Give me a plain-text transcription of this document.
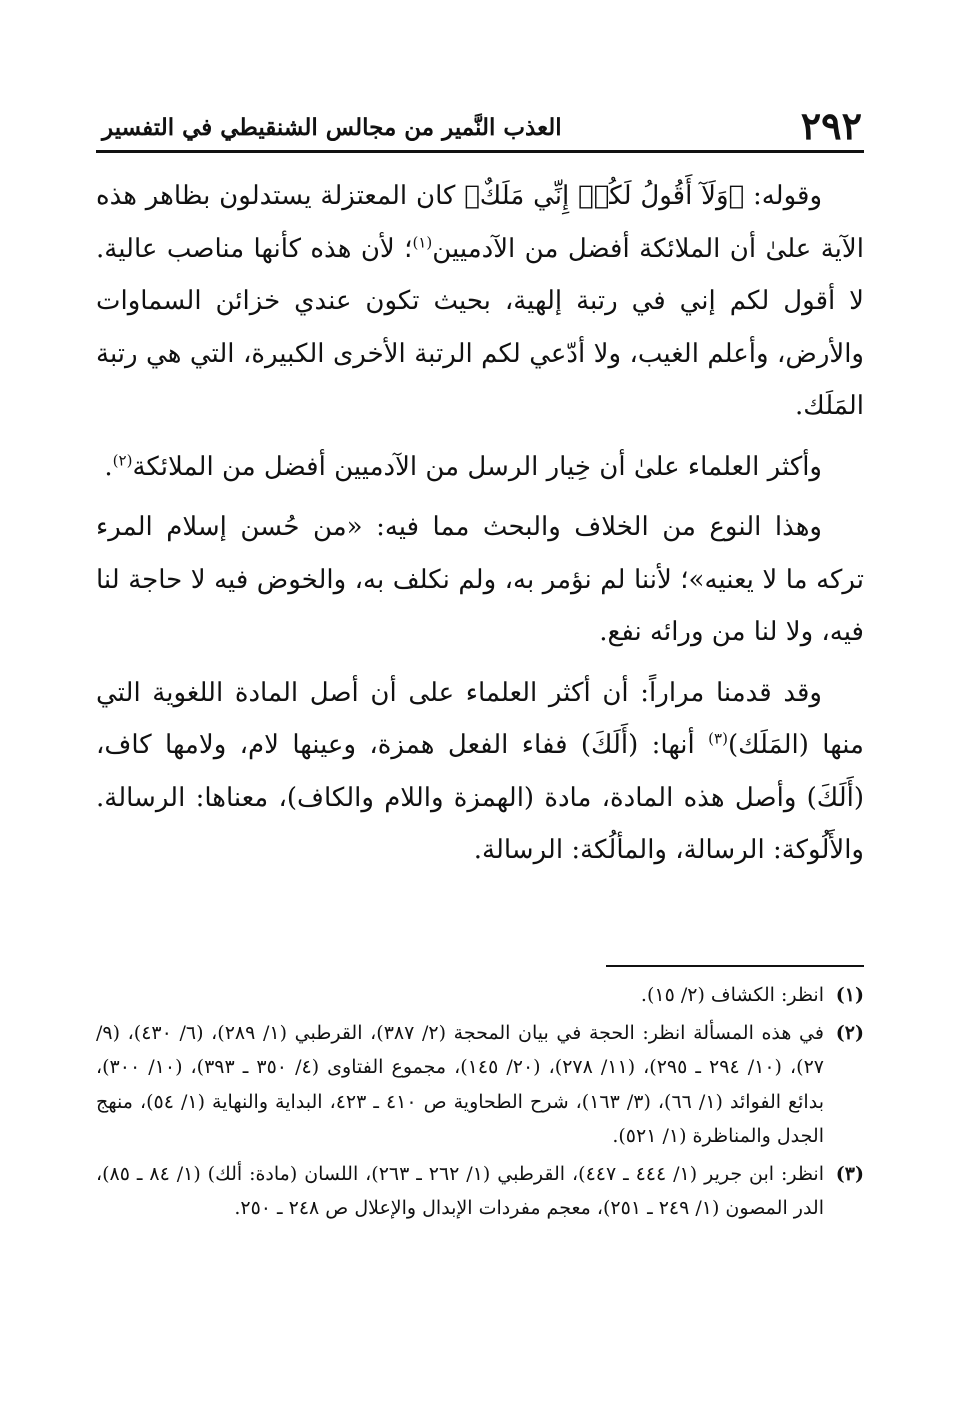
٢٩٢
العذب النَّمير من مجالس الشنقيطي في التفسير

وقوله: ﴿وَلَآ أَقُولُ لَكُمۡ إِنِّي مَلَكٌ﴾ كان المعتزلة يستدلون بظاهر هذه الآية علىٰ أن الملائكة أفضل من الآدميين$^{(١)}$؛ لأن هذه كأنها مناصب عالية. لا أقول لكم إني في رتبة إلهية، بحيث تكون عندي خزائن السماوات والأرض، وأعلم الغيب، ولا أدّعي لكم الرتبة الأخرى الكبيرة، التي هي رتبة المَلَك.

وأكثر العلماء علىٰ أن خِيار الرسل من الآدميين أفضل من الملائكة$^{(٢)}$.

وهذا النوع من الخلاف والبحث مما فيه: «من حُسن إسلام المرء تركه ما لا يعنيه»؛ لأننا لم نؤمر به، ولم نكلف به، والخوض فيه لا حاجة لنا فيه، ولا لنا من ورائه نفع.

وقد قدمنا مراراً: أن أكثر العلماء على أن أصل المادة اللغوية التي منها (المَلَك)$^{(٣)}$ أنها: (أَلَكَ) ففاء الفعل همزة، وعينها لام، ولامها كاف، (أَلَكَ) وأصل هذه المادة، مادة (الهمزة واللام والكاف)، معناها: الرسالة. والأَلُوكة: الرسالة، والمألُكة: الرسالة.

(١)
انظر: الكشاف (٢/ ١٥).
(٢)
في هذه المسألة انظر: الحجة في بيان المحجة (٢/ ٣٨٧)، القرطبي (١/ ٢٨٩)، (٦/ ٤٣٠)، (٩/ ٢٧)، (١٠/ ٢٩٤ ـ ٢٩٥)، (١١/ ٢٧٨)، (٢٠/ ١٤٥)، مجموع الفتاوى (٤/ ٣٥٠ ـ ٣٩٣)، (١٠/ ٣٠٠)، بدائع الفوائد (١/ ٦٦)، (٣/ ١٦٣)، شرح الطحاوية ص ٤١٠ ـ ٤٢٣، البداية والنهاية (١/ ٥٤)، منهج الجدل والمناظرة (١/ ٥٢١).
(٣)
انظر: ابن جرير (١/ ٤٤٤ ـ ٤٤٧)، القرطبي (١/ ٢٦٢ ـ ٢٦٣)، اللسان (مادة: ألك) (١/ ٨٤ ـ ٨٥)، الدر المصون (١/ ٢٤٩ ـ ٢٥١)، معجم مفردات الإبدال والإعلال ص ٢٤٨ ـ ٢٥٠.
